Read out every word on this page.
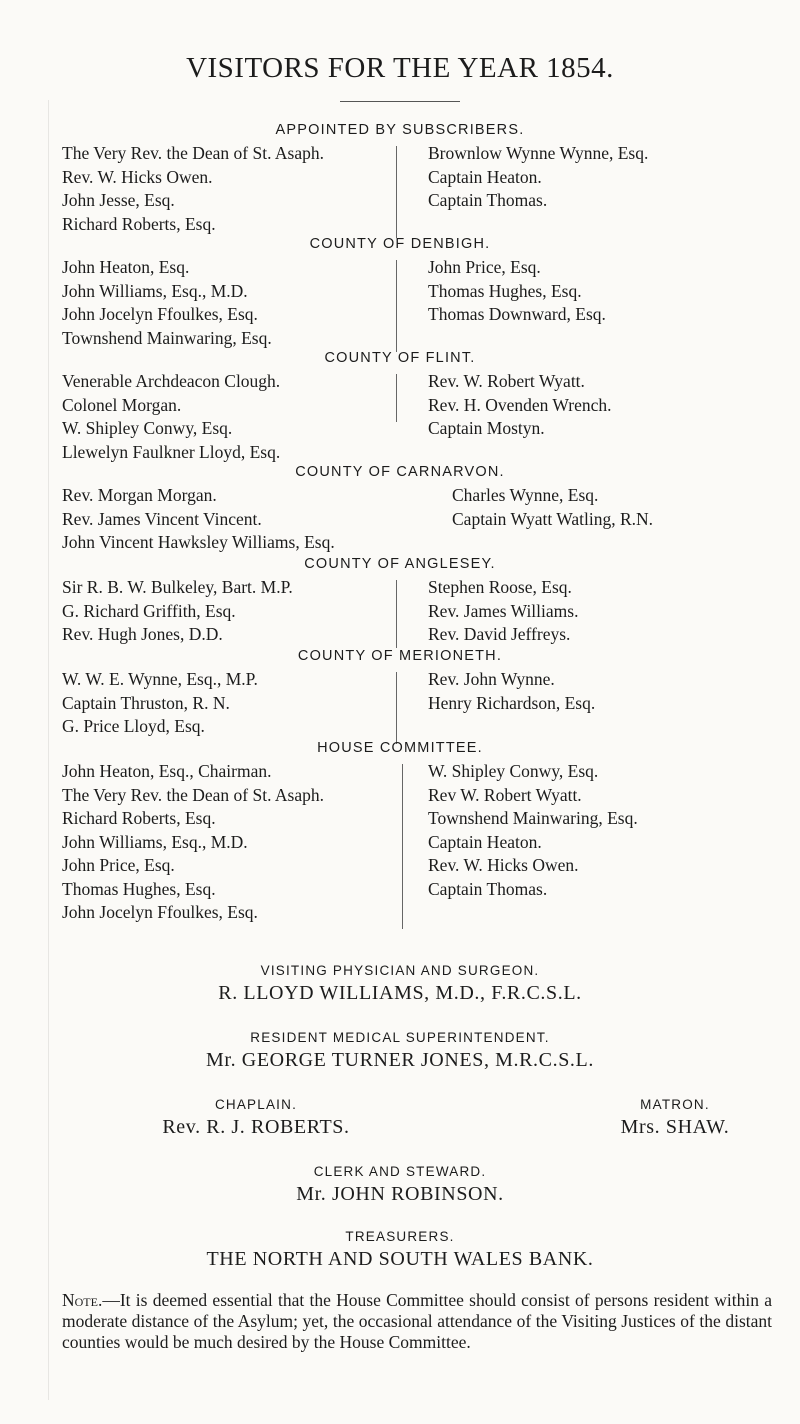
VISITORS FOR THE YEAR 1854.
APPOINTED BY SUBSCRIBERS.
The Very Rev. the Dean of St. Asaph.
Rev. W. Hicks Owen.
John Jesse, Esq.
Richard Roberts, Esq.
Brownlow Wynne Wynne, Esq.
Captain Heaton.
Captain Thomas.
COUNTY OF DENBIGH.
John Heaton, Esq.
John Williams, Esq., M.D.
John Jocelyn Ffoulkes, Esq.
Townshend Mainwaring, Esq.
John Price, Esq.
Thomas Hughes, Esq.
Thomas Downward, Esq.
COUNTY OF FLINT.
Venerable Archdeacon Clough.
Colonel Morgan.
W. Shipley Conwy, Esq.
Llewelyn Faulkner Lloyd, Esq.
Rev. W. Robert Wyatt.
Rev. H. Ovenden Wrench.
Captain Mostyn.
COUNTY OF CARNARVON.
Rev. Morgan Morgan.
Rev. James Vincent Vincent.
Charles Wynne, Esq.
Captain Wyatt Watling, R.N.
John Vincent Hawksley Williams, Esq.
COUNTY OF ANGLESEY.
Sir R. B. W. Bulkeley, Bart. M.P.
G. Richard Griffith, Esq.
Rev. Hugh Jones, D.D.
Stephen Roose, Esq.
Rev. James Williams.
Rev. David Jeffreys.
COUNTY OF MERIONETH.
W. W. E. Wynne, Esq., M.P.
Captain Thruston, R. N.
G. Price Lloyd, Esq.
Rev. John Wynne.
Henry Richardson, Esq.
HOUSE COMMITTEE.
John Heaton, Esq., Chairman.
The Very Rev. the Dean of St. Asaph.
Richard Roberts, Esq.
John Williams, Esq., M.D.
John Price, Esq.
Thomas Hughes, Esq.
John Jocelyn Ffoulkes, Esq.
W. Shipley Conwy, Esq.
Rev W. Robert Wyatt.
Townshend Mainwaring, Esq.
Captain Heaton.
Rev. W. Hicks Owen.
Captain Thomas.
VISITING PHYSICIAN AND SURGEON.
R. LLOYD WILLIAMS, M.D., F.R.C.S.L.
RESIDENT MEDICAL SUPERINTENDENT.
Mr. GEORGE TURNER JONES, M.R.C.S.L.
CHAPLAIN.
Rev. R. J. ROBERTS.
MATRON.
Mrs. SHAW.
CLERK AND STEWARD.
Mr. JOHN ROBINSON.
TREASURERS.
THE NORTH AND SOUTH WALES BANK.
Note.—It is deemed essential that the House Committee should consist of persons resident within a moderate distance of the Asylum; yet, the occasional attendance of the Visiting Justices of the distant counties would be much desired by the House Committee.
